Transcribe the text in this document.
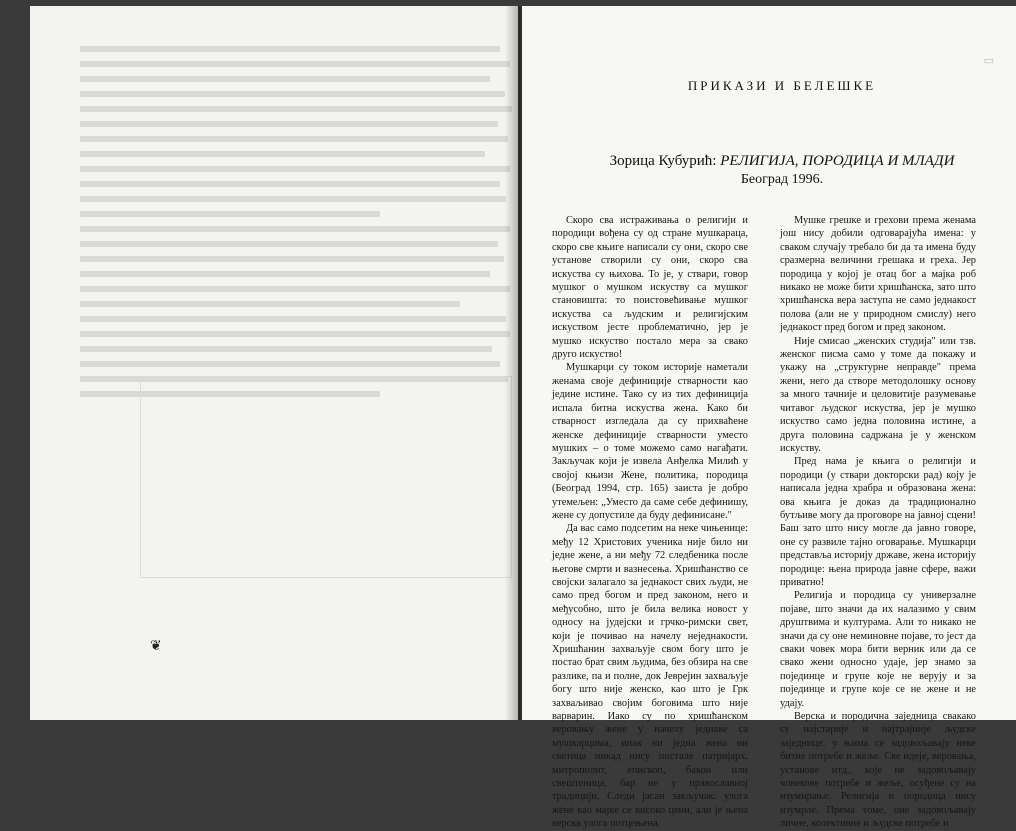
❦
▭
ПРИКАЗИ И БЕЛЕШКЕ
Зорица Кубурић: РЕЛИГИЈА, ПОРОДИЦА И МЛАДИ
Београд 1996.

Скоро сва истраживања о религији и породици вођена су од стране мушкараца, скоро све књиге написали су они, скоро све установе створили су они, скоро сва искуства су њихова. То је, у ствари, говор мушког о мушком искуству са мушког становишта: то поистовећивање мушког искуства са људским и религијским искуством јесте проблематично, јер је мушко искуство постало мера за свако друго искуство!

Мушкарци су током историје наметали женама своје дефиниције стварности као једине истине. Тако су из тих дефиниција испала битна искуства жена. Како би стварност изгледала да су прихваћене женске дефиниције стварности уместо мушких – о томе можемо само нагађати. Закључак који је извела Анђелка Милић у својој књизи Жене, политика, породица (Београд 1994, стр. 165) заиста је добро утемељен: „Уместо да саме себе дефинишу, жене су допустиле да буду дефинисане."

Да вас само подсетим на неке чињенице: међу 12 Христових ученика није било ни једне жене, а ни међу 72 следбеника после његове смрти и вазнесења. Хришћанство се својски залагало за једнакост свих људи, не само пред богом и пред законом, него и међусобно, што је била велика новост у односу на јудејски и грчко-римски свет, који је почивао на начелу неједнакости. Хришћанин захваљује свом богу што је постао брат свим људима, без обзира на све разлике, па и полне, док Јеврејин захваљује богу што није женско, као што је Грк захваљивао својим боговима што није варварин. Иако су по хришћанском веровању жене у начелу једнаке са мушкарцима, ипак ни једна жена ни светица никад нису постале патријарх, митрополит, епископ, бакон или свештеница, бар не у православној традицији. Следи јасан закључак: улога жене као мајке се високо цени, али је њена верска улога потцењена.

Мушке грешке и грехови према женама још нису добили одговарајућа имена: у сваком случају требало би да та имена буду сразмерна величини грешака и греха. Јер породица у којој је отац бог а мајка роб никако не може бити хришћанска, зато што хришћанска вера заступа не само једнакост полова (али не у природном смислу) него једнакост пред богом и пред законом.

Није смисао „женских студија" или тзв. женског писма само у томе да покажу и укажу на „структурне неправде" према жени, него да створе методолошку основу за много тачније и целовитије разумевање читавог људског искуства, јер је мушко искуство само једна половина истине, а друга половина садржана је у женском искуству.

Пред нама је књига о религији и породици (у ствари докторски рад) коју је написала једна храбра и образована жена: ова књига је доказ да традиционално бутљиве могу да проговоре на јавној сцени! Баш зато што нису могле да јавно говоре, оне су развиле тајно оговарање. Мушкарци представља историју државе, жена историју породице: њена природа јавне сфере, важи приватно!

Религија и породица су универзалне појаве, што значи да их налазимо у свим друштвима и културама. Али то никако не значи да су оне неминовне појаве, то јест да сваки човек мора бити верник или да се свако жени односно удаје, јер знамо за појединце и групе које не верују и за појединце и групе које се не жене и не удају.

Верска и породична заједница свакако су најстарије и најтрајније људске заједнице: у њима се задовољавају неке битне потребе и жеље. Све идеје, веровања, установе итд., које не задовољавају човекове потребе и жеље, осуђене су на изумирање. Религија и породица нису изумрле. Према томе, оне задовољавају личне, колективне и људске потребе и
